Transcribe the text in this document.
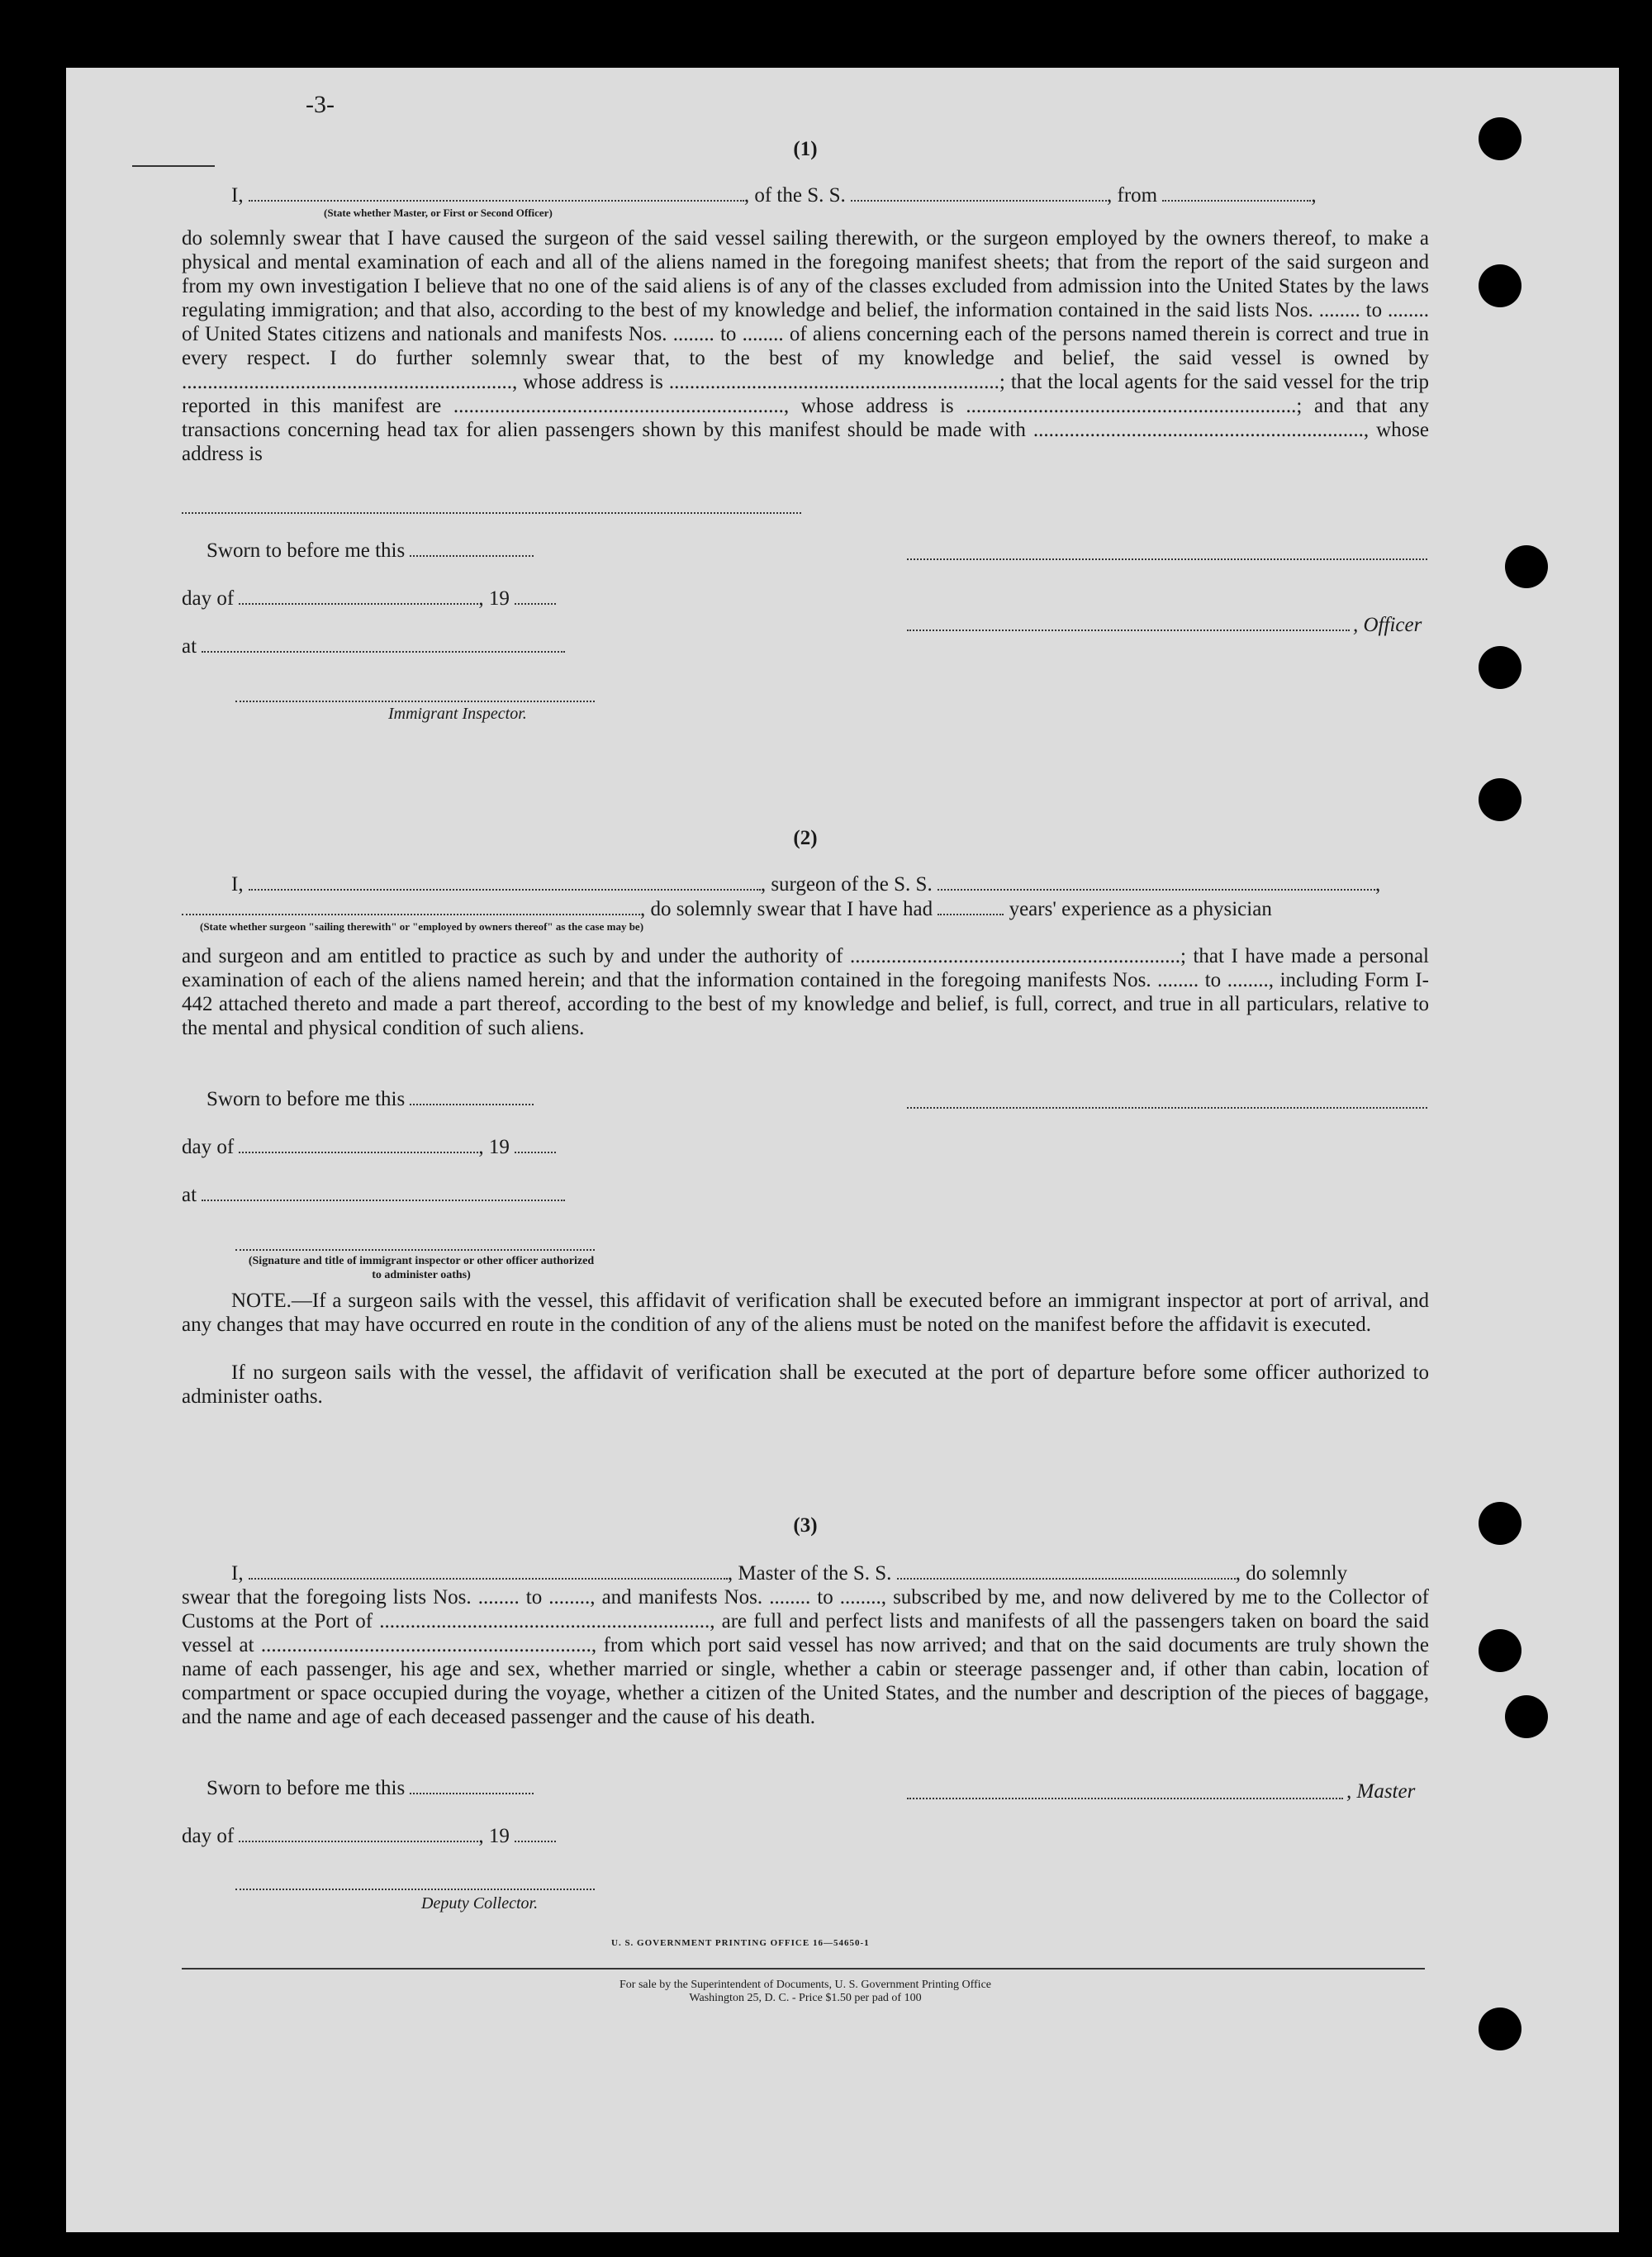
-3-
(1)
I,	, of the S. S.	, from	,
(State whether Master, or First or Second Officer)
do solemnly swear that I have caused the surgeon of the said vessel sailing therewith, or the surgeon employed by the owners thereof, to make a physical and mental examination of each and all of the aliens named in the foregoing manifest sheets; that from the report of the said surgeon and from my own investigation I believe that no one of the said aliens is of any of the classes excluded from admission into the United States by the laws regulating immigration; and that also, according to the best of my knowledge and belief, the information contained in the said lists Nos. ........ to ........ of United States citizens and nationals and manifests Nos. ........ to ........ of aliens concerning each of the persons named therein is correct and true in every respect. I do further solemnly swear that, to the best of my knowledge and belief, the said vessel is owned by ................................................................, whose address is ................................................................; that the local agents for the said vessel for the trip reported in this manifest are ................................................................, whose address is ................................................................; and that any transactions concerning head tax for alien passengers shown by this manifest should be made with ................................................................, whose address is
Sworn to before me this
day of	, 19
at
Immigrant Inspector.
, Officer
(2)
I,	, surgeon of the S. S.	,
, do solemnly swear that I have had	years' experience as a physician
(State whether surgeon "sailing therewith" or "employed by owners thereof" as the case may be)
and surgeon and am entitled to practice as such by and under the authority of ................................................................; that I have made a personal examination of each of the aliens named herein; and that the information contained in the foregoing manifests Nos. ........ to ........, including Form I-442 attached thereto and made a part thereof, according to the best of my knowledge and belief, is full, correct, and true in all particulars, relative to the mental and physical condition of such aliens.
Sworn to before me this
day of	, 19
at
(Signature and title of immigrant inspector or other officer authorized to administer oaths)
NOTE.—If a surgeon sails with the vessel, this affidavit of verification shall be executed before an immigrant inspector at port of arrival, and any changes that may have occurred en route in the condition of any of the aliens must be noted on the manifest before the affidavit is executed.
If no surgeon sails with the vessel, the affidavit of verification shall be executed at the port of departure before some officer authorized to administer oaths.
(3)
I,	, Master of the S. S.	, do solemnly
swear that the foregoing lists Nos. ........ to ........, and manifests Nos. ........ to ........, subscribed by me, and now delivered by me to the Collector of Customs at the Port of ................................................................, are full and perfect lists and manifests of all the passengers taken on board the said vessel at ................................................................, from which port said vessel has now arrived; and that on the said documents are truly shown the name of each passenger, his age and sex, whether married or single, whether a cabin or steerage passenger and, if other than cabin, location of compartment or space occupied during the voyage, whether a citizen of the United States, and the number and description of the pieces of baggage, and the name and age of each deceased passenger and the cause of his death.
Sworn to before me this	, Master
day of	, 19
Deputy Collector.
U. S. GOVERNMENT PRINTING OFFICE 16—54650-1
For sale by the Superintendent of Documents, U. S. Government Printing Office
Washington 25, D. C. - Price $1.50 per pad of 100
